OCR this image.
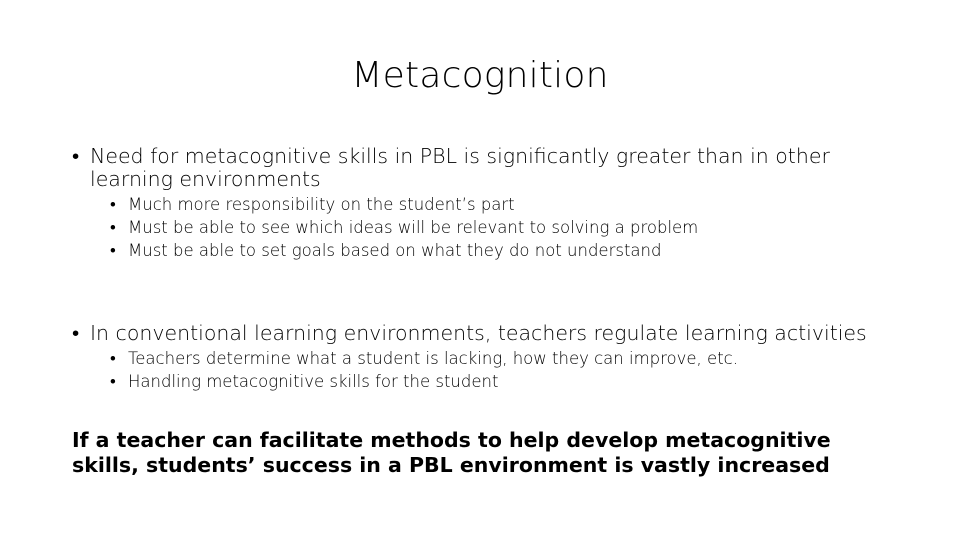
Metacognition
• Need for metacognitive skills in PBL is significantly greater than in other learning environments
• Much more responsibility on the student’s part
• Must be able to see which ideas will be relevant to solving a problem
• Must be able to set goals based on what they do not understand
• In conventional learning environments, teachers regulate learning activities
• Teachers determine what a student is lacking, how they can improve, etc.
• Handling metacognitive skills for the student
If a teacher can facilitate methods to help develop metacognitive skills, students’ success in a PBL environment is vastly increased
